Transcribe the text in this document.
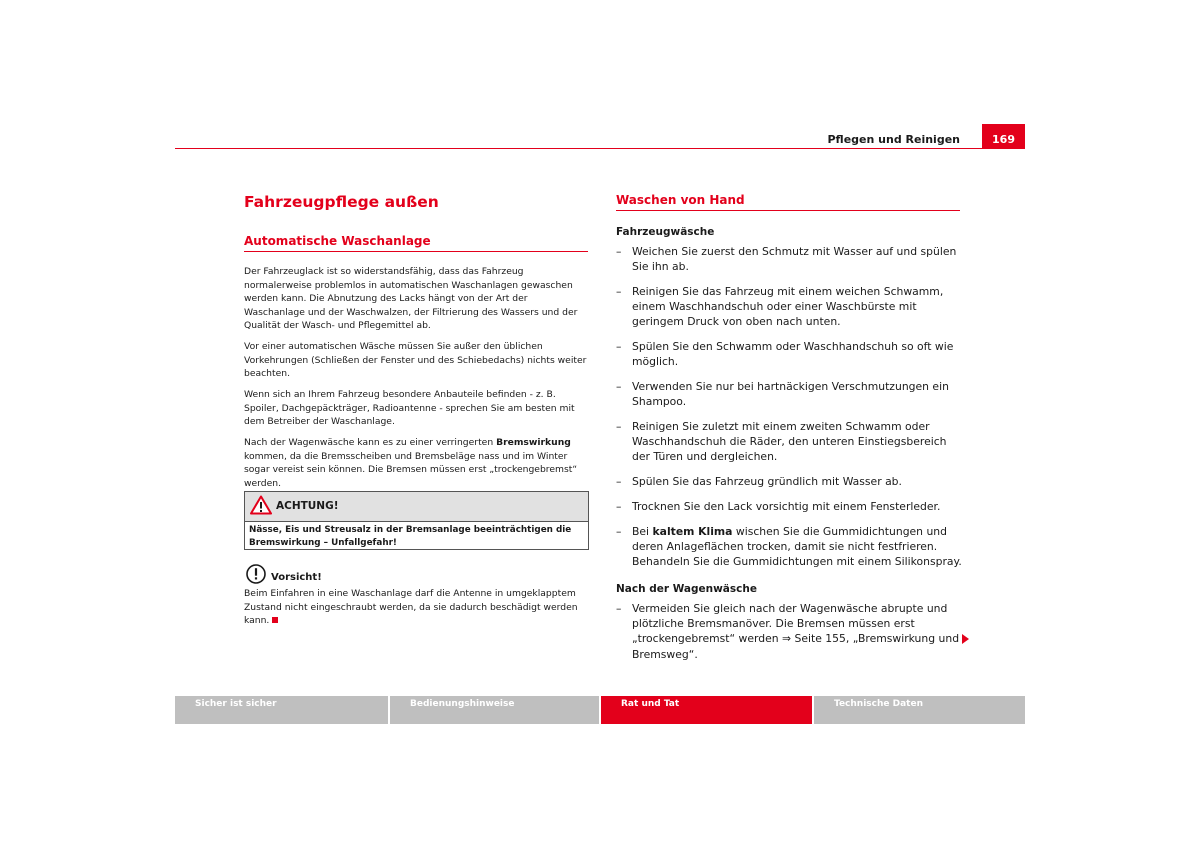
Pflegen und Reinigen	169
Fahrzeugpflege außen
Automatische Waschanlage

Der Fahrzeuglack ist so widerstandsfähig, dass das Fahrzeug normalerweise problemlos in automatischen Waschanlagen gewaschen werden kann. Die Abnutzung des Lacks hängt von der Art der Waschanlage und der Waschwalzen, der Filtrierung des Wassers und der Qualität der Wasch- und Pflegemittel ab.

Vor einer automatischen Wäsche müssen Sie außer den üblichen Vorkehrungen (Schließen der Fenster und des Schiebedachs) nichts weiter beachten.

Wenn sich an Ihrem Fahrzeug besondere Anbauteile befinden - z. B. Spoiler, Dachgepäckträger, Radioantenne - sprechen Sie am besten mit dem Betreiber der Waschanlage.

Nach der Wagenwäsche kann es zu einer verringerten Bremswirkung kommen, da die Bremsscheiben und Bremsbeläge nass und im Winter sogar vereist sein können. Die Bremsen müssen erst „trockengebremst“ werden.

ACHTUNG!
Nässe, Eis und Streusalz in der Bremsanlage beeinträchtigen die Bremswirkung – Unfallgefahr!
Vorsicht!

Beim Einfahren in eine Waschanlage darf die Antenne in umgeklapptem Zustand nicht eingeschraubt werden, da sie dadurch beschädigt werden kann.

Waschen von Hand
Fahrzeugwäsche
– Weichen Sie zuerst den Schmutz mit Wasser auf und spülen Sie ihn ab.
– Reinigen Sie das Fahrzeug mit einem weichen Schwamm, einem Waschhandschuh oder einer Waschbürste mit geringem Druck von oben nach unten.
– Spülen Sie den Schwamm oder Waschhandschuh so oft wie möglich.
– Verwenden Sie nur bei hartnäckigen Verschmutzungen ein Shampoo.
– Reinigen Sie zuletzt mit einem zweiten Schwamm oder Waschhandschuh die Räder, den unteren Einstiegsbereich der Türen und dergleichen.
– Spülen Sie das Fahrzeug gründlich mit Wasser ab.
– Trocknen Sie den Lack vorsichtig mit einem Fensterleder.
– Bei kaltem Klima wischen Sie die Gummidichtungen und deren Anlageflächen trocken, damit sie nicht festfrieren. Behandeln Sie die Gummidichtungen mit einem Silikonspray.
Nach der Wagenwäsche
– Vermeiden Sie gleich nach der Wagenwäsche abrupte und plötzliche Bremsmanöver. Die Bremsen müssen erst „trockengebremst“ werden ⇒ Seite 155, „Bremswirkung und Bremsweg“.
Sicher ist sicher	Bedienungshinweise	Rat und Tat	Technische Daten
